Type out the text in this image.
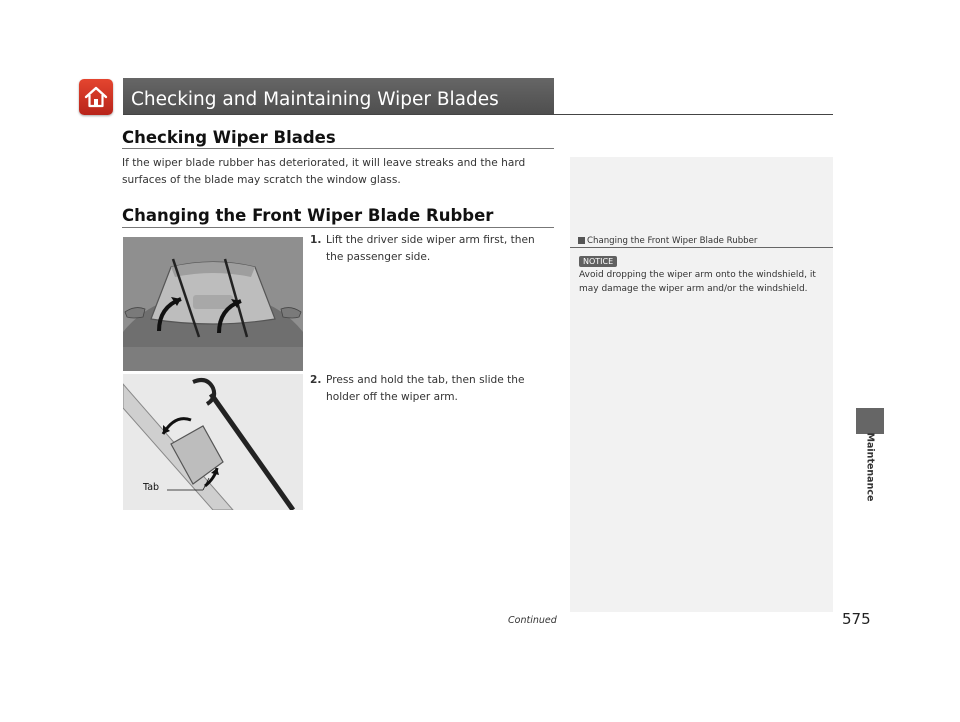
Checking and Maintaining Wiper Blades
Checking Wiper Blades
If the wiper blade rubber has deteriorated, it will leave streaks and the hard surfaces of the blade may scratch the window glass.
Changing the Front Wiper Blade Rubber
1. Lift the driver side wiper arm first, then the passenger side.
Tab
2. Press and hold the tab, then slide the holder off the wiper arm.
Changing the Front Wiper Blade Rubber
NOTICE
Avoid dropping the wiper arm onto the windshield, it may damage the wiper arm and/or the windshield.
Maintenance
Continued	575
